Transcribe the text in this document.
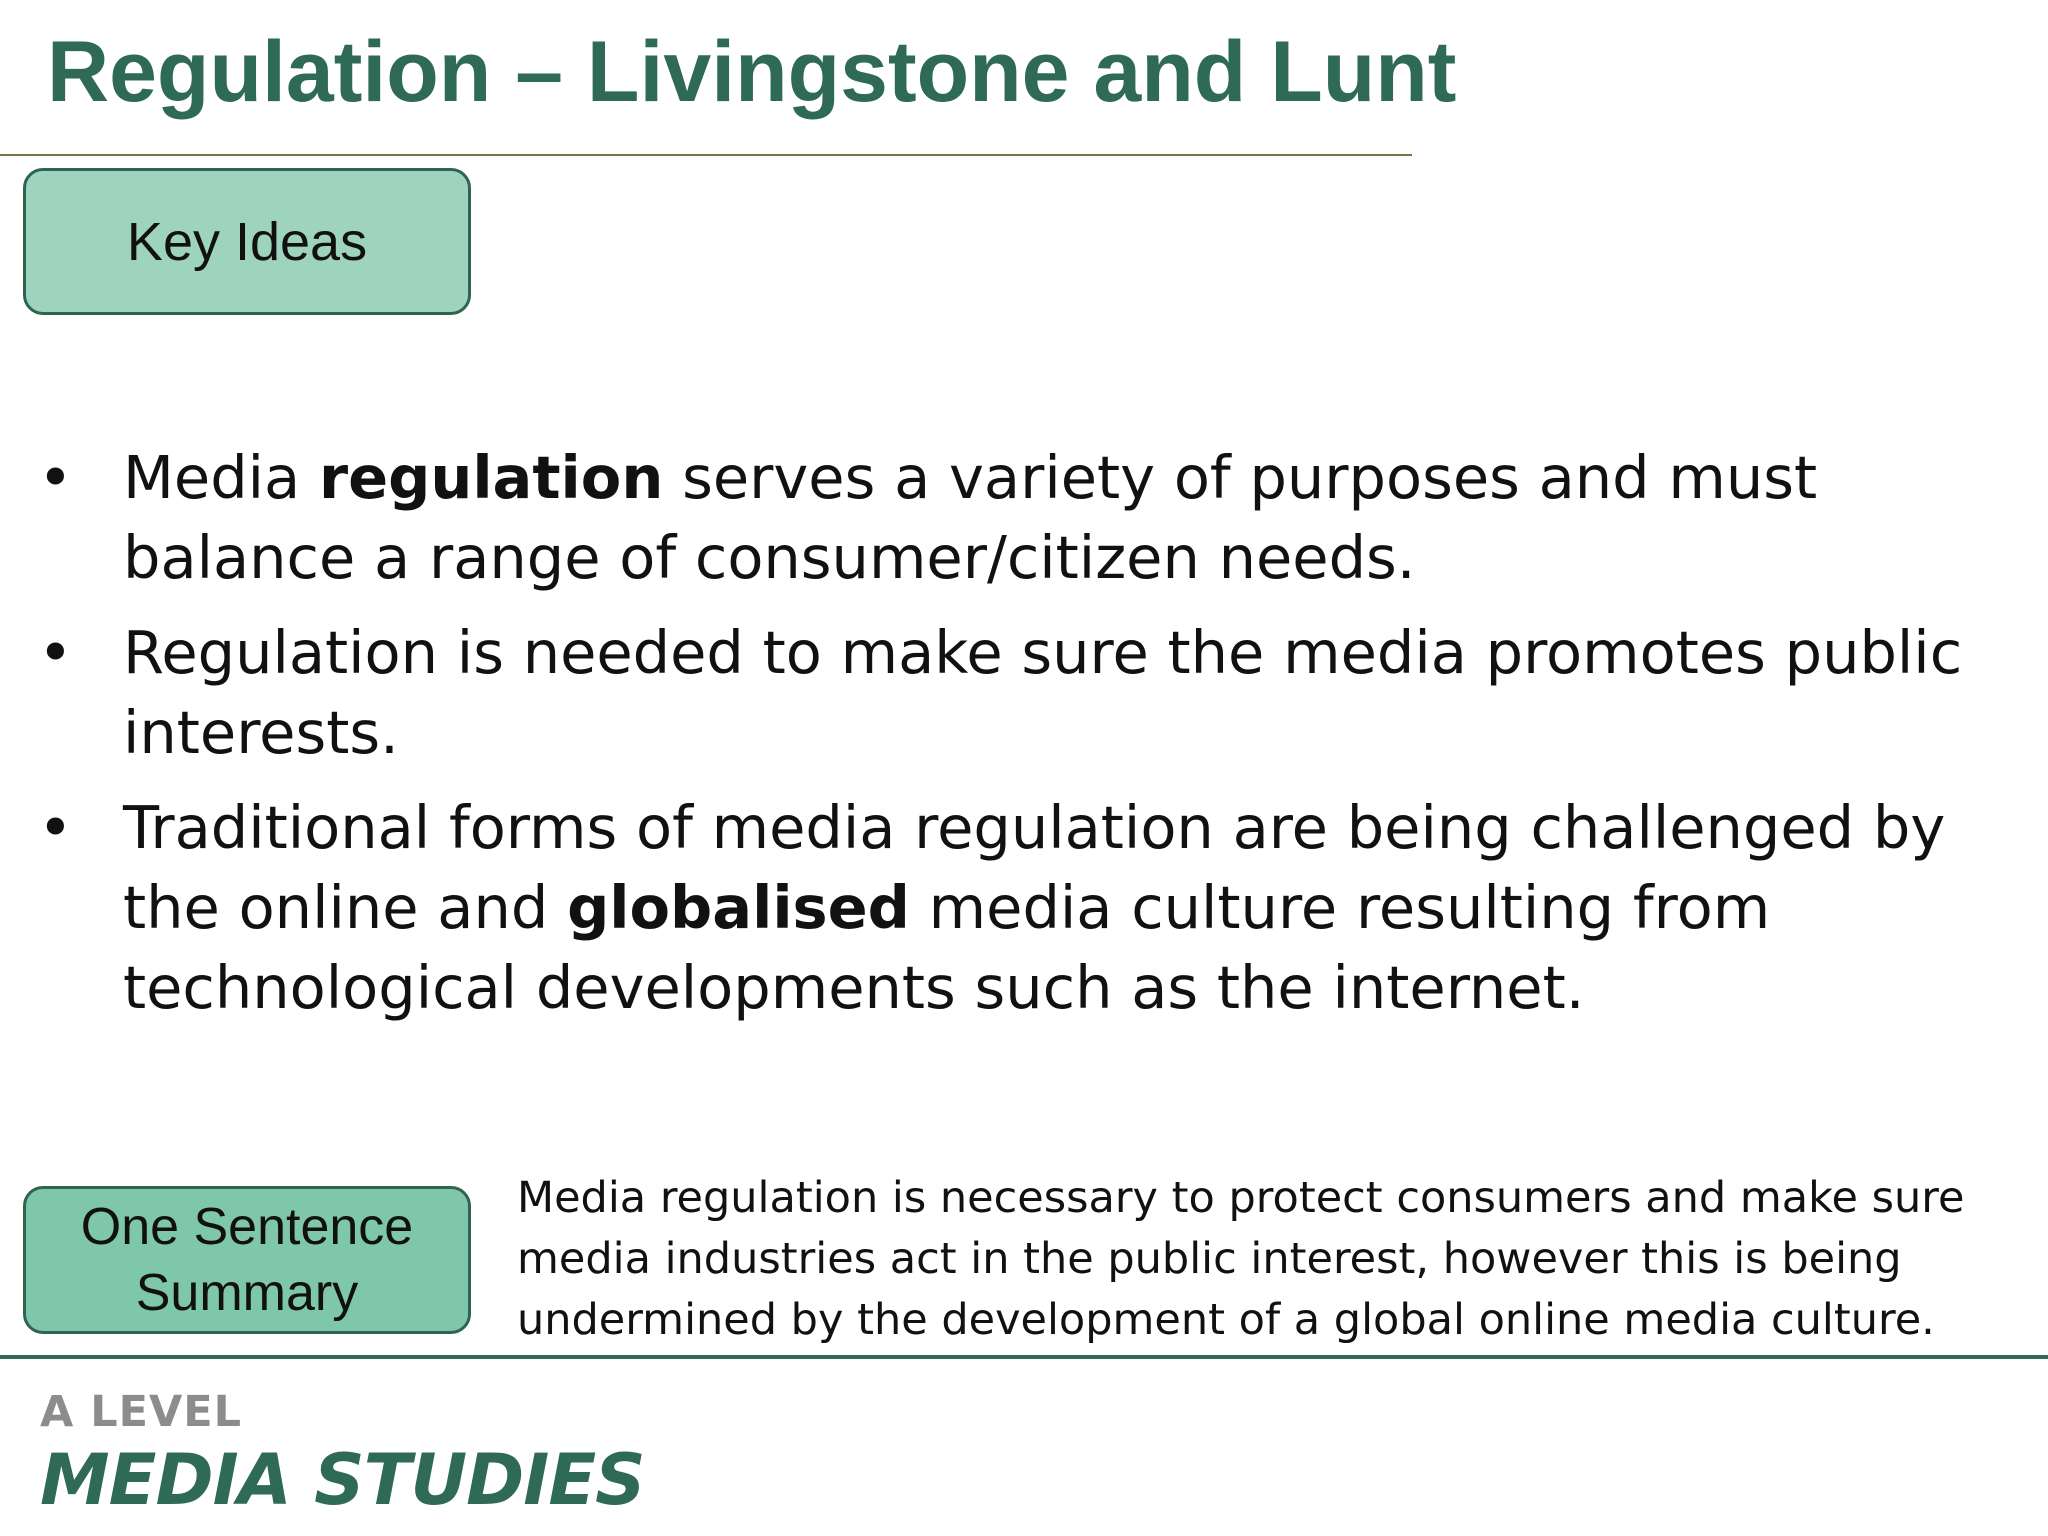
Regulation – Livingstone and Lunt
Key Ideas
• Media regulation serves a variety of purposes and must balance a range of consumer/citizen needs.
• Regulation is needed to make sure the media promotes public interests.
• Traditional forms of media regulation are being challenged by the online and globalised media culture resulting from technological developments such as the internet.
One Sentence Summary

Media regulation is necessary to protect consumers and make sure media industries act in the public interest, however this is being undermined by the development of a global online media culture.

A LEVEL
MEDIA STUDIES
